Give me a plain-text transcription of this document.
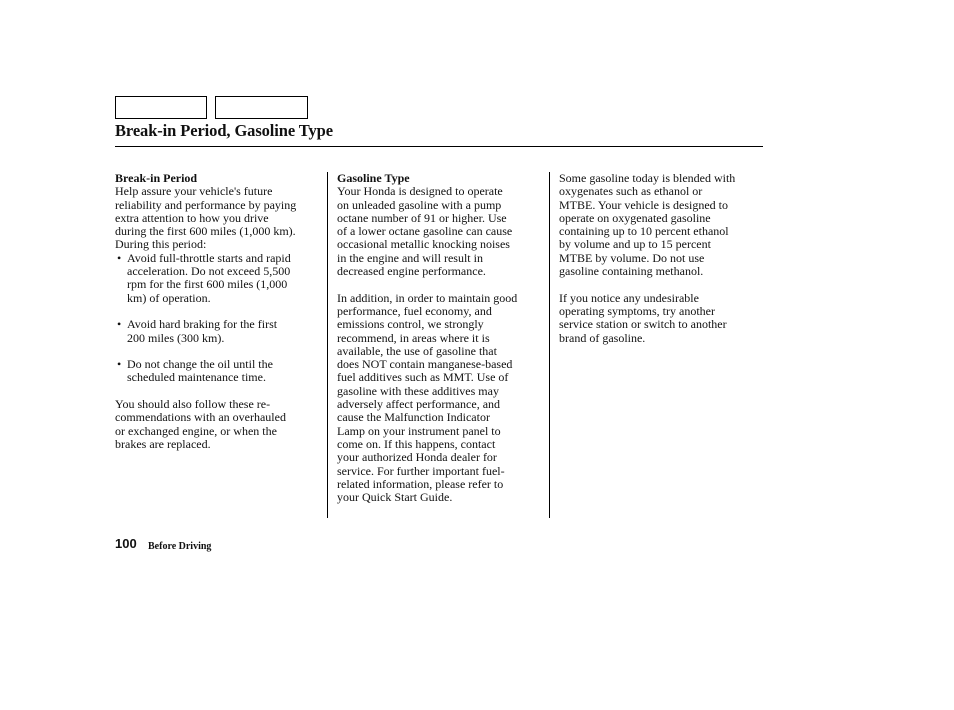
Break-in Period, Gasoline Type
Break-in Period
Help assure your vehicle's future
reliability and performance by paying
extra attention to how you drive
during the first 600 miles (1,000 km).
During this period:
• Avoid full-throttle starts and rapid
acceleration. Do not exceed 5,500
rpm for the first 600 miles (1,000
km) of operation.
• Avoid hard braking for the first
200 miles (300 km).
• Do not change the oil until the
scheduled maintenance time.
You should also follow these re-
commendations with an overhauled
or exchanged engine, or when the
brakes are replaced.
Gasoline Type
Your Honda is designed to operate
on unleaded gasoline with a pump
octane number of 91 or higher. Use
of a lower octane gasoline can cause
occasional metallic knocking noises
in the engine and will result in
decreased engine performance.
In addition, in order to maintain good
performance, fuel economy, and
emissions control, we strongly
recommend, in areas where it is
available, the use of gasoline that
does NOT contain manganese-based
fuel additives such as MMT. Use of
gasoline with these additives may
adversely affect performance, and
cause the Malfunction Indicator
Lamp on your instrument panel to
come on. If this happens, contact
your authorized Honda dealer for
service. For further important fuel-
related information, please refer to
your Quick Start Guide.
Some gasoline today is blended with
oxygenates such as ethanol or
MTBE. Your vehicle is designed to
operate on oxygenated gasoline
containing up to 10 percent ethanol
by volume and up to 15 percent
MTBE by volume. Do not use
gasoline containing methanol.
If you notice any undesirable
operating symptoms, try another
service station or switch to another
brand of gasoline.
100 Before Driving
